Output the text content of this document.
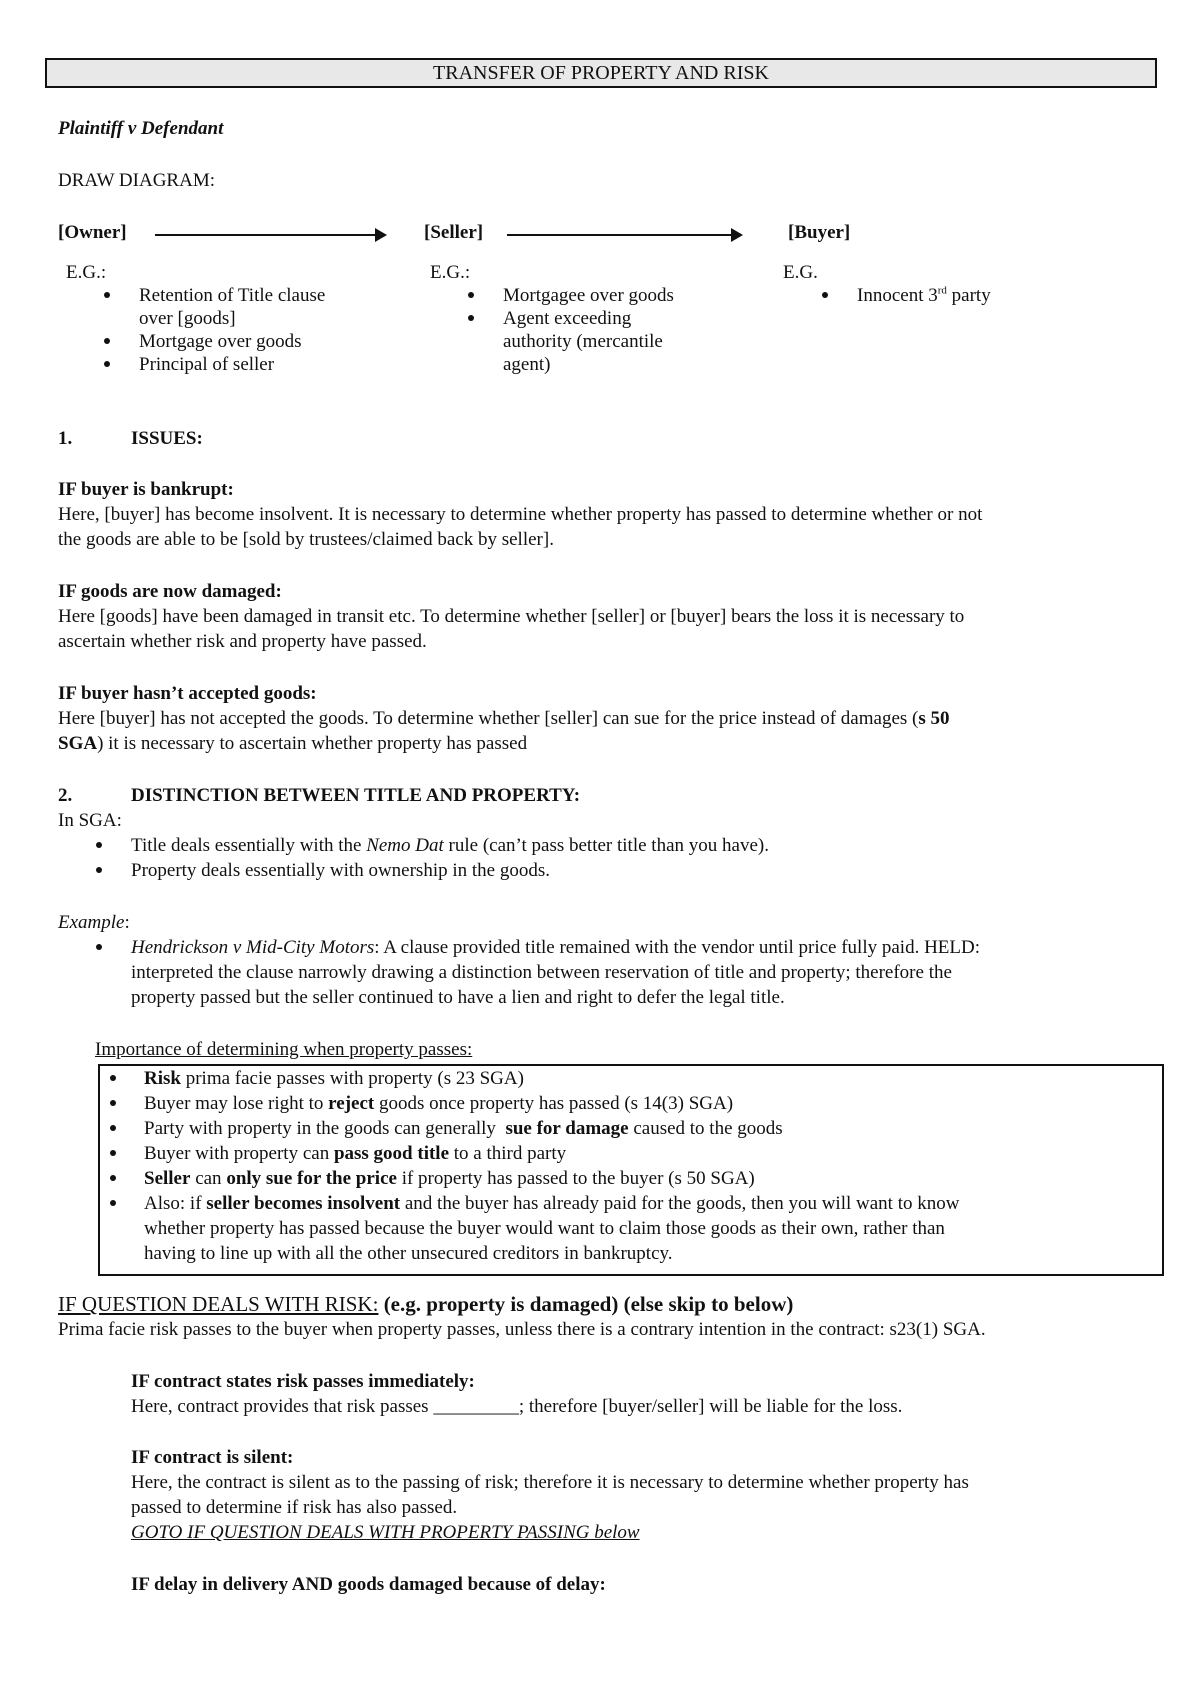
TRANSFER OF PROPERTY AND RISK
Plaintiff v Defendant
DRAW DIAGRAM:
[Owner]	[Seller]	[Buyer]
E.G.:
Retention of Title clause
over [goods]
Mortgage over goods
Principal of seller
E.G.:
Mortgagee over goods
Agent exceeding
authority (mercantile
agent)
E.G.
Innocent 3rd party
1.	ISSUES:
IF buyer is bankrupt:
Here, [buyer] has become insolvent. It is necessary to determine whether property has passed to determine whether or not
the goods are able to be [sold by trustees/claimed back by seller].
IF goods are now damaged:
Here [goods] have been damaged in transit etc. To determine whether [seller] or [buyer] bears the loss it is necessary to
ascertain whether risk and property have passed.
IF buyer hasn’t accepted goods:
Here [buyer] has not accepted the goods. To determine whether [seller] can sue for the price instead of damages (s 50
SGA) it is necessary to ascertain whether property has passed
2.	DISTINCTION BETWEEN TITLE AND PROPERTY:
In SGA:
Title deals essentially with the Nemo Dat rule (can’t pass better title than you have).
Property deals essentially with ownership in the goods.
Example:
Hendrickson v Mid-City Motors: A clause provided title remained with the vendor until price fully paid. HELD:
interpreted the clause narrowly drawing a distinction between reservation of title and property; therefore the
property passed but the seller continued to have a lien and right to defer the legal title.
Importance of determining when property passes:
Risk prima facie passes with property (s 23 SGA)
Buyer may lose right to reject goods once property has passed (s 14(3) SGA)
Party with property in the goods can generally  sue for damage caused to the goods
Buyer with property can pass good title to a third party
Seller can only sue for the price if property has passed to the buyer (s 50 SGA)
Also: if seller becomes insolvent and the buyer has already paid for the goods, then you will want to know
whether property has passed because the buyer would want to claim those goods as their own, rather than
having to line up with all the other unsecured creditors in bankruptcy.
IF QUESTION DEALS WITH RISK: (e.g. property is damaged) (else skip to below)
Prima facie risk passes to the buyer when property passes, unless there is a contrary intention in the contract: s23(1) SGA.
IF contract states risk passes immediately:
Here, contract provides that risk passes _________; therefore [buyer/seller] will be liable for the loss.
IF contract is silent:
Here, the contract is silent as to the passing of risk; therefore it is necessary to determine whether property has
passed to determine if risk has also passed.
GOTO IF QUESTION DEALS WITH PROPERTY PASSING below
IF delay in delivery AND goods damaged because of delay:
